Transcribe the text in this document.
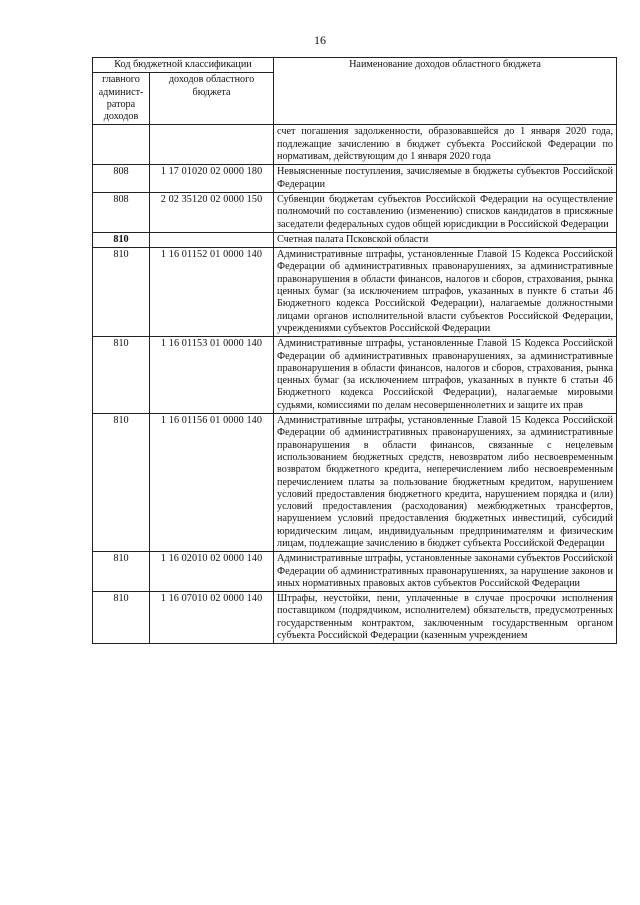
16
Код бюджетной классификации		Наименование доходов областного бюджета
главного админист-ратора доходов	доходов областного бюджета	
		счет погашения задолженности, образовавшейся до 1 января 2020 года, подлежащие зачислению в бюджет субъекта Российской Федерации по нормативам, действующим до 1 января 2020 года
808	1 17 01020 02 0000 180	Невыясненные поступления, зачисляемые в бюджеты субъектов Российской Федерации
808	2 02 35120 02 0000 150	Субвенции бюджетам субъектов Российской Федерации на осуществление полномочий по составлению (изменению) списков кандидатов в присяжные заседатели федеральных судов общей юрисдикции в Российской Федерации
810		Счетная палата Псковской области
810	1 16 01152 01 0000 140	Административные штрафы, установленные Главой 15 Кодекса Российской Федерации об административных правонарушениях, за административные правонарушения в области финансов, налогов и сборов, страхования, рынка ценных бумаг (за исключением штрафов, указанных в пункте 6 статьи 46 Бюджетного кодекса Российской Федерации), налагаемые должностными лицами органов исполнительной власти субъектов Российской Федерации, учреждениями субъектов Российской Федерации
810	1 16 01153 01 0000 140	Административные штрафы, установленные Главой 15 Кодекса Российской Федерации об административных правонарушениях, за административные правонарушения в области финансов, налогов и сборов, страхования, рынка ценных бумаг (за исключением штрафов, указанных в пункте 6 статьи 46 Бюджетного кодекса Российской Федерации), налагаемые мировыми судьями, комиссиями по делам несовершеннолетних и защите их прав
810	1 16 01156 01 0000 140	Административные штрафы, установленные Главой 15 Кодекса Российской Федерации об административных правонарушениях, за административные правонарушения в области финансов, связанные с нецелевым использованием бюджетных средств, невозвратом либо несвоевременным возвратом бюджетного кредита, неперечислением либо несвоевременным перечислением платы за пользование бюджетным кредитом, нарушением условий предоставления бюджетного кредита, нарушением порядка и (или) условий предоставления (расходования) межбюджетных трансфертов, нарушением условий предоставления бюджетных инвестиций, субсидий юридическим лицам, индивидуальным предпринимателям и физическим лицам, подлежащие зачислению в бюджет субъекта Российской Федерации
810	1 16 02010 02 0000 140	Административные штрафы, установленные законами субъектов Российской Федерации об административных правонарушениях, за нарушение законов и иных нормативных правовых актов субъектов Российской Федерации
810	1 16 07010 02 0000 140	Штрафы, неустойки, пени, уплаченные в случае просрочки исполнения поставщиком (подрядчиком, исполнителем) обязательств, предусмотренных государственным контрактом, заключенным государственным органом субъекта Российской Федерации (казенным учреждением
